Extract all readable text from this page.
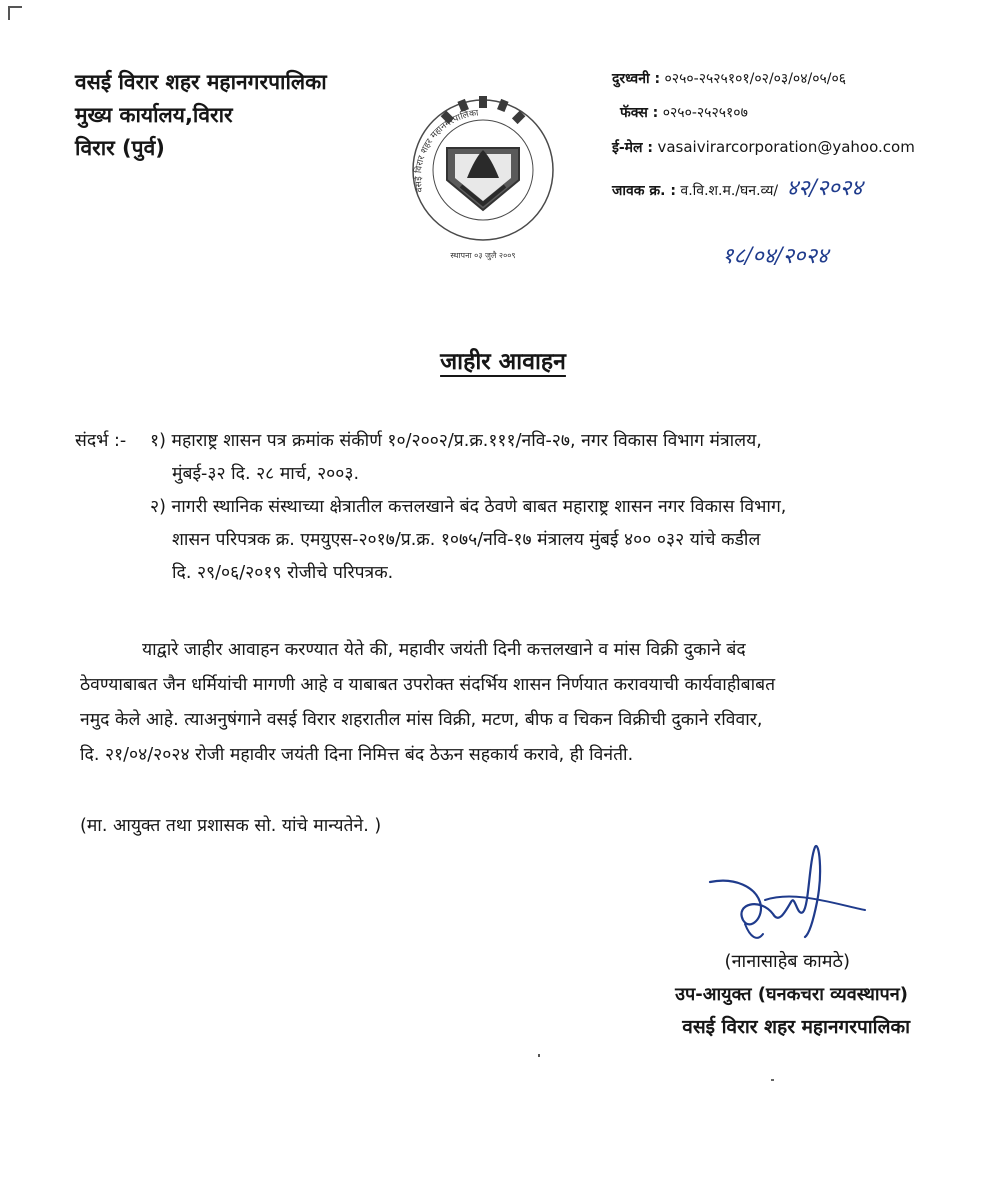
वसई विरार शहर महानगरपालिका
मुख्य कार्यालय,विरार
विरार (पुर्व)
वसई विरार शहर महानगरपालिका
स्थापना ०३ जुलै २००९
दुरध्वनी : ०२५०-२५२५१०१/०२/०३/०४/०५/०६
फॅक्स : ०२५०-२५२५१०७
ई-मेल : vasaivirarcorporation@yahoo.com
जावक क्र. : व.वि.श.म./घन.व्य/ ४२/२०२४
१८/०४/२०२४
जाहीर आवाहन
संदर्भ :- १) महाराष्ट्र शासन पत्र क्रमांक संकीर्ण १०/२००२/प्र.क्र.१११/नवि-२७, नगर विकास विभाग मंत्रालय,
मुंबई-३२ दि. २८ मार्च, २००३.
२) नागरी स्थानिक संस्थाच्या क्षेत्रातील कत्तलखाने बंद ठेवणे बाबत महाराष्ट्र शासन नगर विकास विभाग,
शासन परिपत्रक क्र. एमयुएस-२०१७/प्र.क्र. १०७५/नवि-१७ मंत्रालय मुंबई ४०० ०३२ यांचे कडील
दि. २९/०६/२०१९ रोजीचे परिपत्रक.
याद्वारे जाहीर आवाहन करण्यात येते की, महावीर जयंती दिनी कत्तलखाने व मांस विक्री दुकाने बंद
ठेवण्याबाबत जैन धर्मियांची मागणी आहे व याबाबत उपरोक्त संदर्भिय शासन निर्णयात करावयाची कार्यवाहीबाबत
नमुद केले आहे. त्याअनुषंगाने वसई विरार शहरातील मांस विक्री, मटण, बीफ व चिकन विक्रीची दुकाने रविवार,
दि. २१/०४/२०२४ रोजी महावीर जयंती दिना निमित्त बंद ठेऊन सहकार्य करावे, ही विनंती.
(मा. आयुक्त तथा प्रशासक सो. यांचे मान्यतेने. )
(नानासाहेब कामठे)
उप-आयुक्त (घनकचरा व्यवस्थापन)
वसई विरार शहर महानगरपालिका
